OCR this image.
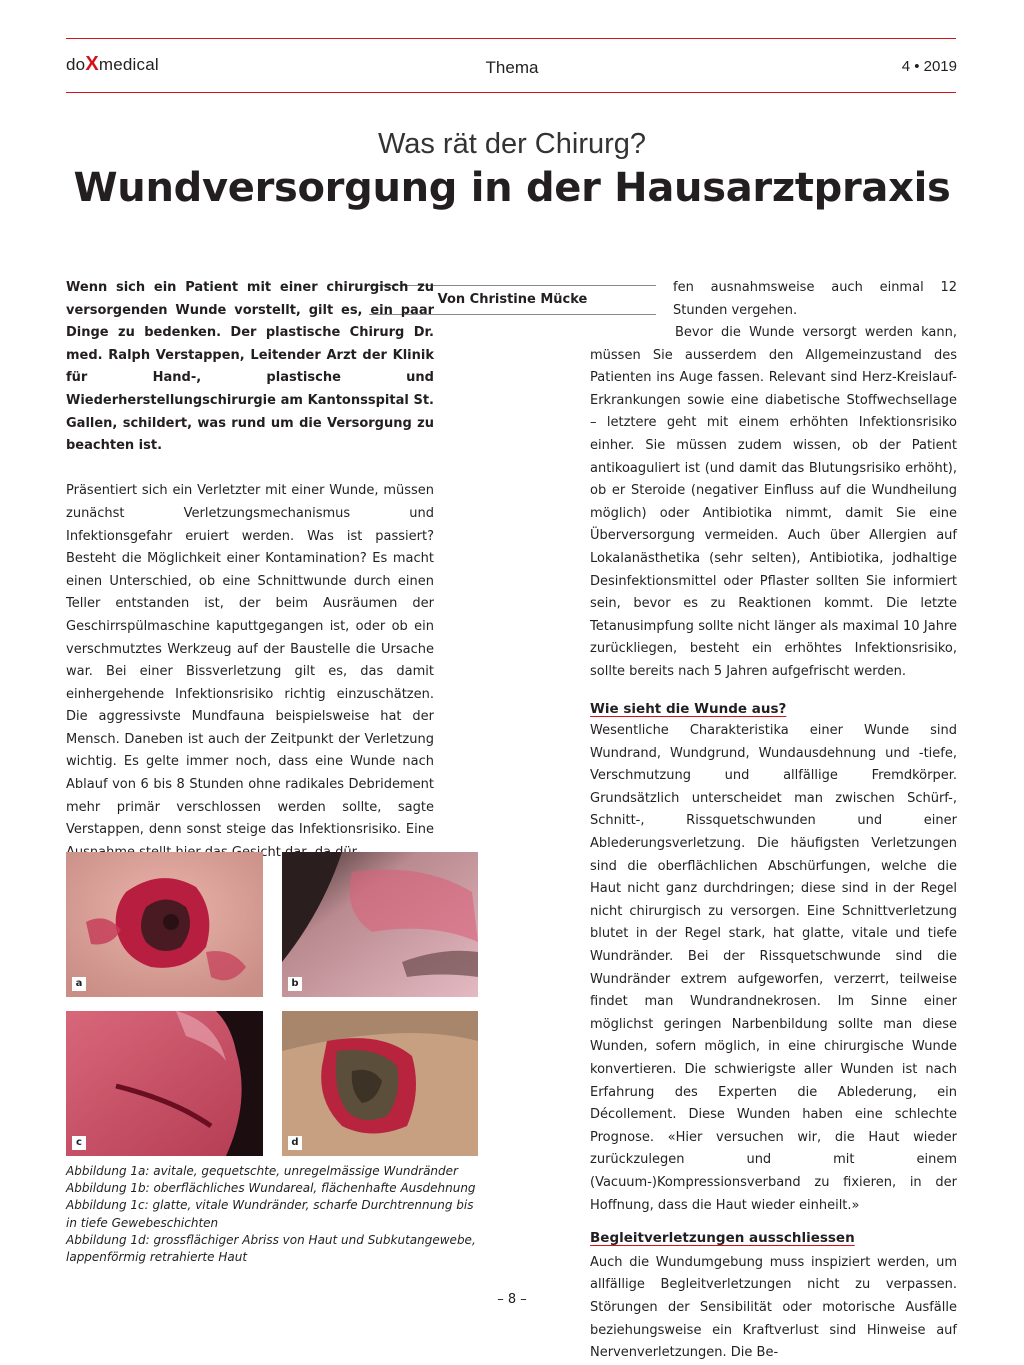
doXmedical	Thema	4 • 2019
Was rät der Chirurg?
Wundversorgung in der Hausarztpraxis
Von Christine Mücke

Wenn sich ein Patient mit einer chirurgisch zu versorgenden Wunde vorstellt, gilt es, ein paar Dinge zu bedenken. Der plastische Chirurg Dr. med. Ralph Verstappen, Leitender Arzt der Klinik für Hand-, plastische und Wiederherstellungschirurgie am Kantonsspital St. Gallen, schildert, was rund um die Versorgung zu beachten ist.

Präsentiert sich ein Verletzter mit einer Wunde, müssen zunächst Verletzungsmechanismus und Infektionsgefahr eruiert werden. Was ist passiert? Besteht die Möglichkeit einer Kontamination? Es macht einen Unterschied, ob eine Schnittwunde durch einen Teller entstanden ist, der beim Ausräumen der Geschirrspülmaschine kaputtgegangen ist, oder ob ein verschmutztes Werkzeug auf der Baustelle die Ursache war. Bei einer Bissverletzung gilt es, das damit einhergehende Infektionsrisiko richtig einzuschätzen. Die aggressivste Mundfauna beispielsweise hat der Mensch. Daneben ist auch der Zeitpunkt der Verletzung wichtig. Es gelte immer noch, dass eine Wunde nach Ablauf von 6 bis 8 Stunden ohne radikales Debridement mehr primär verschlossen werden sollte, sagte Verstappen, denn sonst steige das Infektionsrisiko. Eine

fen ausnahmsweise auch einmal 12 Stunden vergehen.

Bevor die Wunde versorgt werden kann, müssen Sie ausserdem den Allgemeinzustand des Patienten ins Auge fassen. Relevant sind Herz-Kreislauf-Erkrankungen sowie eine diabetische Stoffwechsellage – letztere geht mit einem erhöhten Infektionsrisiko einher. Sie müssen zudem wissen, ob der Patient antikoaguliert ist (und damit das Blutungsrisiko erhöht), ob er Steroide (negativer Einfluss auf die Wundheilung möglich) oder Antibiotika nimmt, damit Sie eine Überversorgung vermeiden. Auch über Allergien auf Lokalanästhetika (sehr selten), Antibiotika, jodhaltige Desinfektionsmittel oder Pflaster sollten Sie informiert sein, bevor es zu Reaktionen kommt. Die letzte Tetanusimpfung sollte nicht länger als maximal 10 Jahre zurückliegen, besteht ein erhöhtes Infektionsrisiko, sollte bereits nach 5 Jahren aufgefrischt werden.

Wie sieht die Wunde aus?

Wesentliche Charakteristika einer Wunde sind Wundrand, Wundgrund, Wundausdehnung und -tiefe, Verschmutzung und allfällige Fremdkörper. Grundsätzlich unterscheidet man zwischen Schürf-, Schnitt-, Rissquetschwunden und einer Ablederungsverletzung. Die häufigsten Verletzungen sind die oberflächlichen Abschürfungen, welche die Haut nicht ganz durchdringen; diese sind in der Regel nicht chirurgisch zu versorgen. Eine Schnittverletzung blutet in der Regel stark, hat glatte, vitale und tiefe Wundränder. Bei der Rissquetschwunde sind die Wundränder extrem aufgeworfen, verzerrt, teilweise findet man Wundrandnekrosen. Im Sinne einer möglichst geringen Narbenbildung sollte man diese Wunden, sofern möglich, in eine chirurgische Wunde konvertieren. Die schwierigste aller Wunden ist nach Erfahrung des Experten die Ablederung, ein Décollement. Diese Wunden haben eine schlechte Prognose. «Hier versuchen wir, die Haut wieder zurückzulegen und mit einem (Vacuum-)Kompressionsverband zu fixieren, in der Hoffnung, dass die Haut wieder einheilt.»

Begleitverletzungen ausschliessen

Auch die Wundumgebung muss inspiziert werden, um allfällige Begleitverletzungen nicht zu verpassen. Störungen der Sensibilität oder motorische Ausfälle beziehungsweise ein Kraftverlust sind Hinweise auf Nervenverletzungen. Die Be-

a	b
c	d
Abbildung 1a: avitale, gequetschte, unregelmässige Wundränder
Abbildung 1b: oberflächliches Wundareal, flächenhafte Ausdehnung
Abbildung 1c: glatte, vitale Wundränder, scharfe Durchtrennung bis in tiefe Gewebeschichten
Abbildung 1d: grossflächiger Abriss von Haut und Subkutangewebe, lappenförmig retrahierte Haut
– 8 –
